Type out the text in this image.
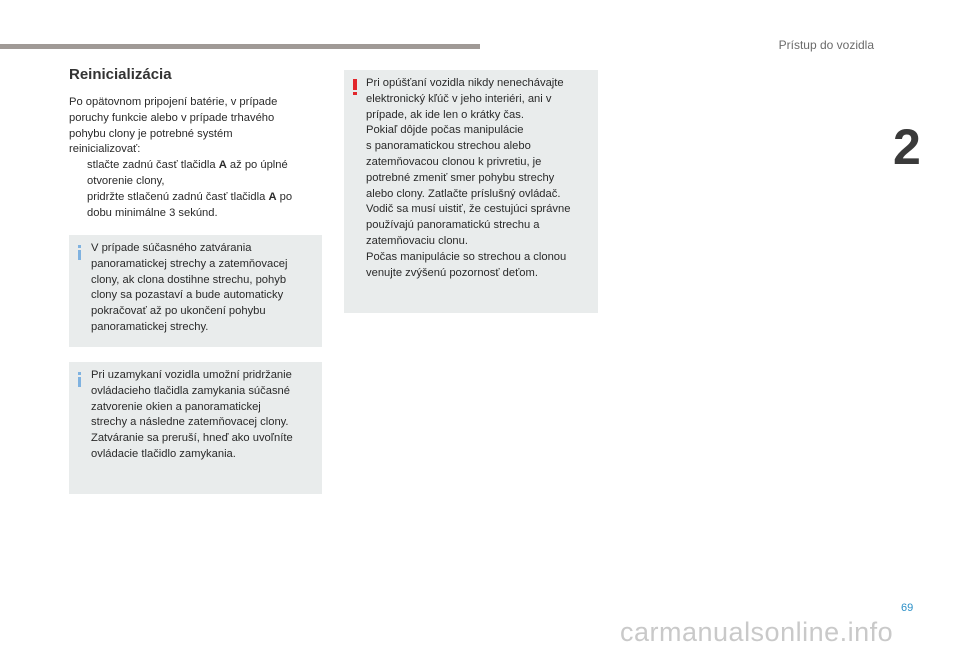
Prístup do vozidla
2
Reinicializácia
Po opätovnom pripojení batérie, v prípade
poruchy funkcie alebo v prípade trhavého
pohybu clony je potrebné systém
reinicializovať:
stlačte zadnú časť tlačidla A až po úplné
otvorenie clony,
pridržte stlačenú zadnú časť tlačidla A po
dobu minimálne 3 sekúnd.
V prípade súčasného zatvárania
panoramatickej strechy a zatemňovacej
clony, ak clona dostihne strechu, pohyb
clony sa pozastaví a bude automaticky
pokračovať až po ukončení pohybu
panoramatickej strechy.
Pri uzamykaní vozidla umožní pridržanie
ovládacieho tlačidla zamykania súčasné
zatvorenie okien a panoramatickej
strechy a následne zatemňovacej clony.
Zatváranie sa preruší, hneď ako uvoľníte
ovládacie tlačidlo zamykania.
Pri opúšťaní vozidla nikdy nenechávajte
elektronický kľúč v jeho interiéri, ani v
prípade, ak ide len o krátky čas.
Pokiaľ dôjde počas manipulácie
s panoramatickou strechou alebo
zatemňovacou clonou k privretiu, je
potrebné zmeniť smer pohybu strechy
alebo clony. Zatlačte príslušný ovládač.
Vodič sa musí uistiť, že cestujúci správne
používajú panoramatickú strechu a
zatemňovaciu clonu.
Počas manipulácie so strechou a clonou
venujte zvýšenú pozornosť deťom.
69
carmanualsonline.info
